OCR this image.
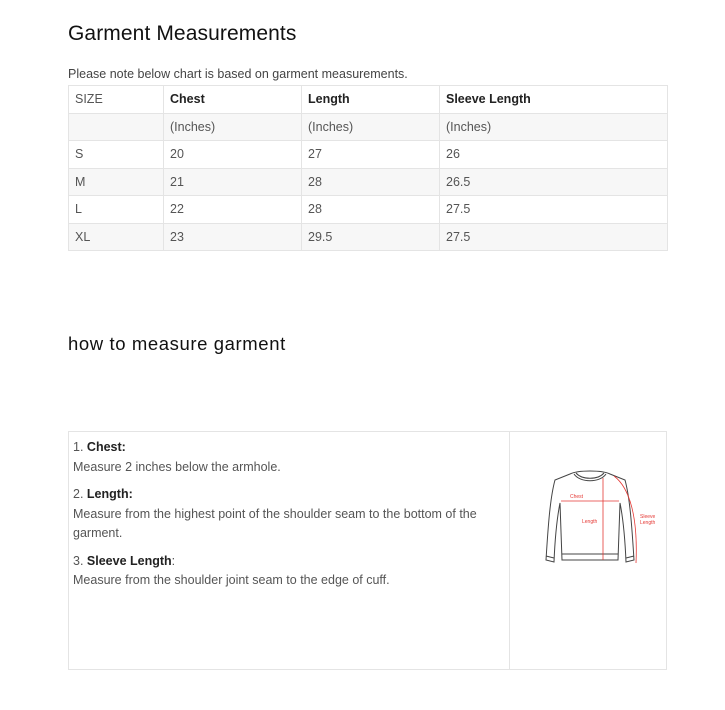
Garment Measurements
Please note below chart is based on garment measurements.
SIZE	Chest	Length	Sleeve Length
	(Inches)	(Inches)	(Inches)
S	20	27	26
M	21	28	26.5
L	22	28	27.5
XL	23	29.5	27.5
how to measure garment
1. Chest:
Measure 2 inches below the armhole.
2. Length:
Measure from the highest point of the shoulder seam to the bottom of the garment.
3. Sleeve Length:
Measure from the shoulder joint seam to the edge of cuff.
Chest
Length
Sleeve
Length
